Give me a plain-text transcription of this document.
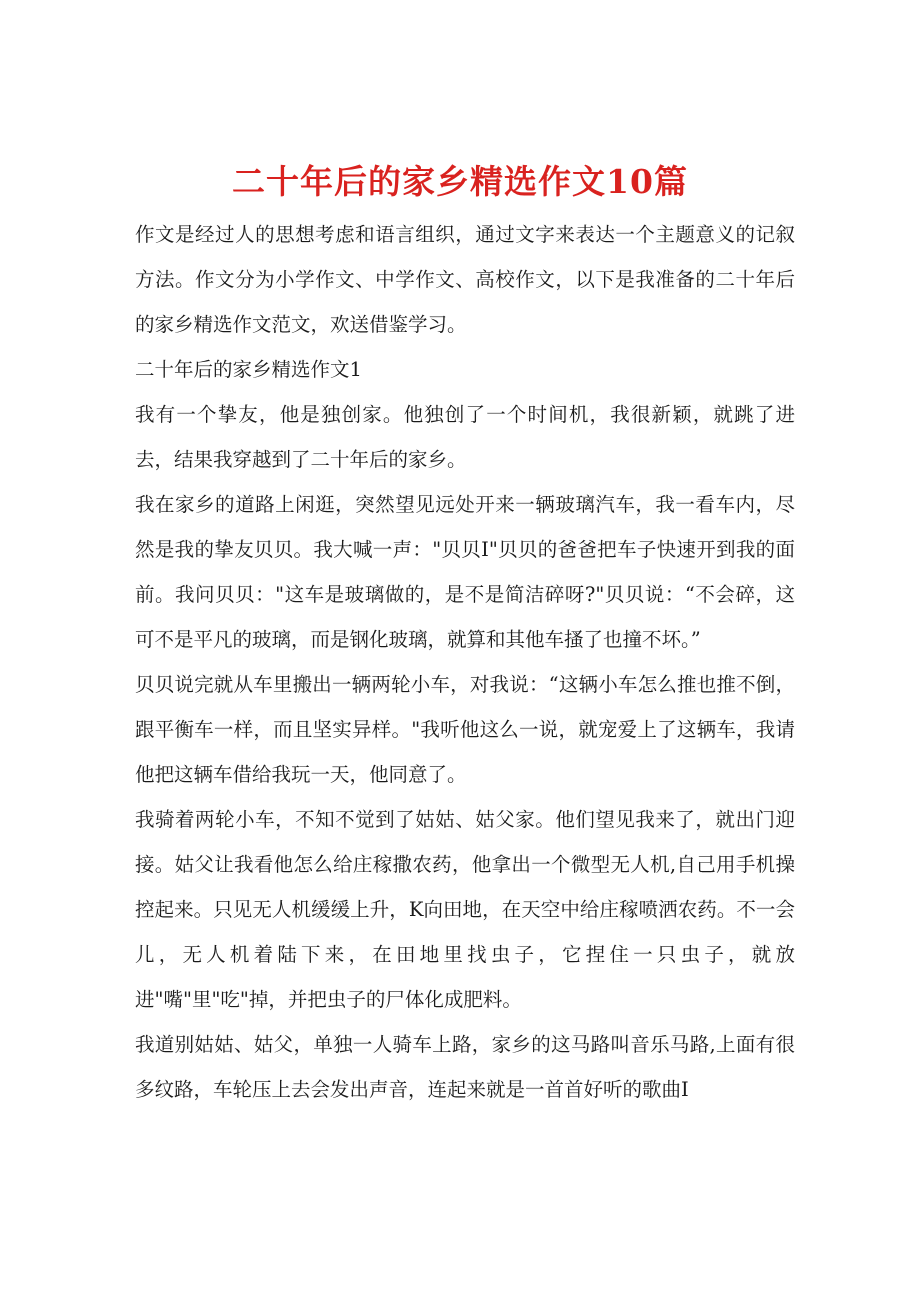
二十年后的家乡精选作文10篇

作文是经过人的思想考虑和语言组织，通过文字来表达一个主题意义的记叙方法。作文分为小学作文、中学作文、高校作文，以下是我准备的二十年后的家乡精选作文范文，欢送借鉴学习。

二十年后的家乡精选作文1

我有一个挚友，他是独创家。他独创了一个时间机，我很新颖，就跳了进去，结果我穿越到了二十年后的家乡。

我在家乡的道路上闲逛，突然望见远处开来一辆玻璃汽车，我一看车内，尽然是我的挚友贝贝。我大喊一声："贝贝I"贝贝的爸爸把车子快速开到我的面前。我问贝贝："这车是玻璃做的，是不是简洁碎呀?"贝贝说：“不会碎，这可不是平凡的玻璃，而是钢化玻璃，就算和其他车搔了也撞不坏。”

贝贝说完就从车里搬出一辆两轮小车，对我说：“这辆小车怎么推也推不倒，跟平衡车一样，而且坚实异样。"我听他这么一说，就宠爱上了这辆车，我请他把这辆车借给我玩一天，他同意了。

我骑着两轮小车，不知不觉到了姑姑、姑父家。他们望见我来了，就出门迎接。姑父让我看他怎么给庄稼撒农药，他拿出一个微型无人机,自己用手机操控起来。只见无人机缓缓上升，K向田地，在天空中给庄稼喷洒农药。不一会儿，无人机着陆下来，在田地里找虫子，它捏住一只虫子，就放进"嘴"里"吃"掉，并把虫子的尸体化成肥料。

我道别姑姑、姑父，单独一人骑车上路，家乡的这马路叫音乐马路,上面有很多纹路，车轮压上去会发出声音，连起来就是一首首好听的歌曲I
